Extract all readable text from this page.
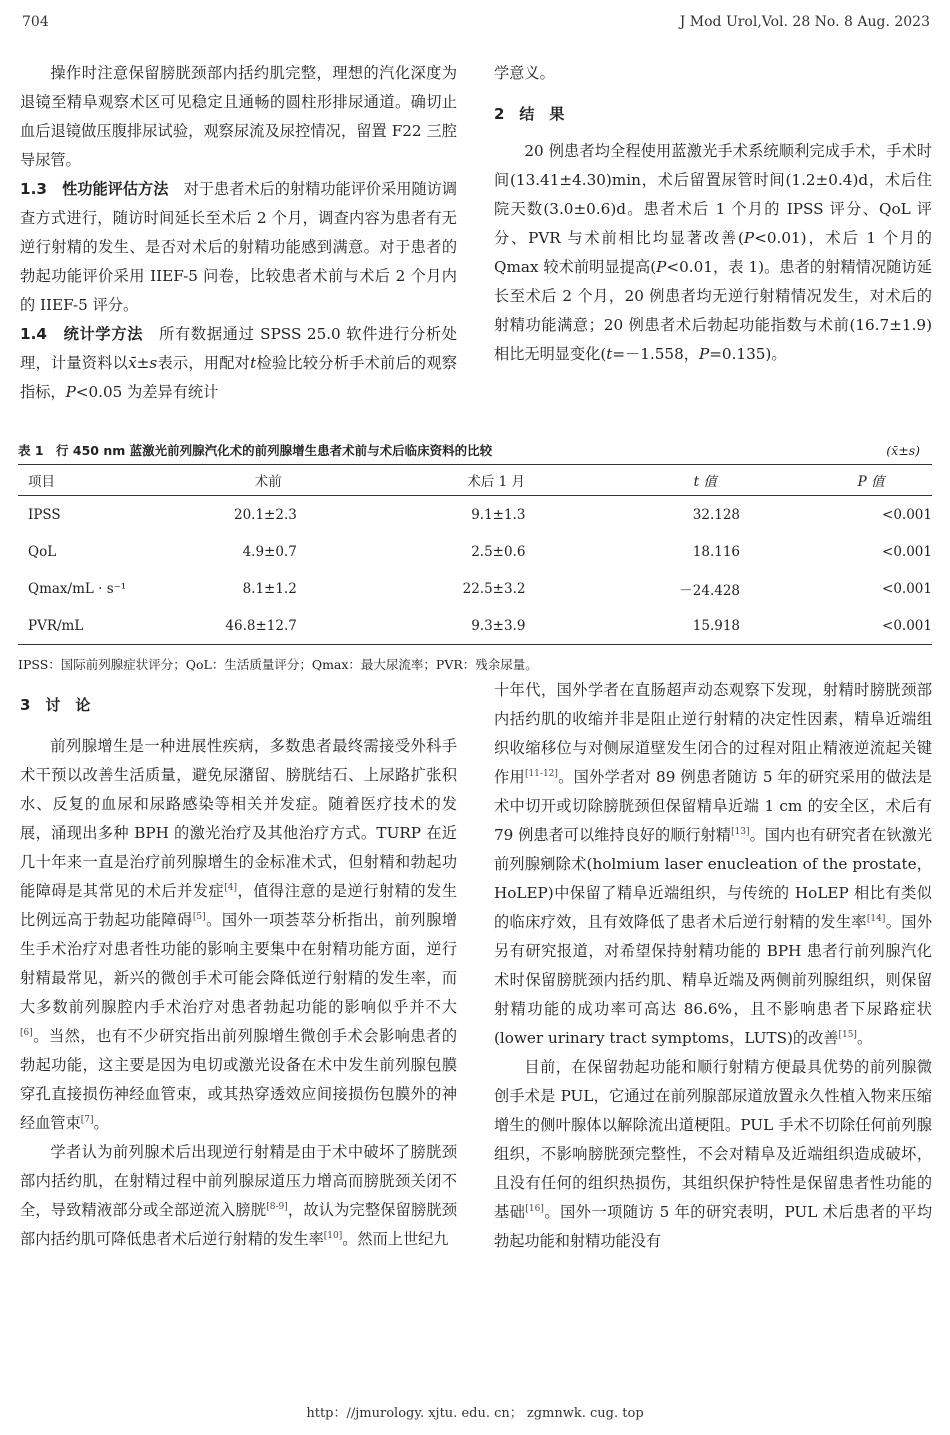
704	J Mod Urol,Vol. 28 No. 8 Aug. 2023

操作时注意保留膀胱颈部内括约肌完整，理想的汽化深度为退镜至精阜观察术区可见稳定且通畅的圆柱形排尿通道。确切止血后退镜做压腹排尿试验，观察尿流及尿控情况，留置 F22 三腔导尿管。

1.3　 性功能评估方法　 对于患者术后的射精功能评价采用随访调查方式进行，随访时间延长至术后 2 个月，调查内容为患者有无逆行射精的发生、是否对术后的射精功能感到满意。对于患者的勃起功能评价采用 IIEF-5 问卷，比较患者术前与术后 2 个月内的 IIEF-5 评分。

1.4　 统计学方法　 所有数据通过 SPSS 25.0 软件进行分析处理，计量资料以x̄±s表示，用配对t检验比较分析手术前后的观察指标，P<0.05 为差异有统计

学意义。

2　结　果

20 例患者均全程使用蓝激光手术系统顺利完成手术，手术时间(13.41±4.30)min，术后留置尿管时间(1.2±0.4)d，术后住院天数(3.0±0.6)d。患者术后 1 个月的 IPSS 评分、QoL 评分、PVR 与术前相比均显著改善(P<0.01)，术后 1 个月的 Qmax 较术前明显提高(P<0.01，表 1)。患者的射精情况随访延长至术后 2 个月，20 例患者均无逆行射精情况发生，对术后的射精功能满意；20 例患者术后勃起功能指数与术前(16.7±1.9)相比无明显变化(t=－1.558，P=0.135)。

表 1　行 450 nm 蓝激光前列腺汽化术的前列腺增生患者术前与术后临床资料的比较	(x̄±s)
项目	术前	术后 1 月	t 值	P 值
IPSS	20.1±2.3	9.1±1.3	32.128	<0.001
QoL	4.9±0.7	2.5±0.6	18.116	<0.001
Qmax/mL · s⁻¹	8.1±1.2	22.5±3.2	－24.428	<0.001
PVR/mL	46.8±12.7	9.3±3.9	15.918	<0.001
IPSS：国际前列腺症状评分；QoL：生活质量评分；Qmax：最大尿流率；PVR：残余尿量。

3　讨　论

前列腺增生是一种进展性疾病，多数患者最终需接受外科手术干预以改善生活质量，避免尿潴留、膀胱结石、上尿路扩张积水、反复的血尿和尿路感染等相关并发症。随着医疗技术的发展，涌现出多种 BPH 的激光治疗及其他治疗方式。TURP 在近几十年来一直是治疗前列腺增生的金标准术式，但射精和勃起功能障碍是其常见的术后并发症[4]，值得注意的是逆行射精的发生比例远高于勃起功能障碍[5]。国外一项荟萃分析指出，前列腺增生手术治疗对患者性功能的影响主要集中在射精功能方面，逆行射精最常见，新兴的微创手术可能会降低逆行射精的发生率，而大多数前列腺腔内手术治疗对患者勃起功能的影响似乎并不大[6]。当然，也有不少研究指出前列腺增生微创手术会影响患者的勃起功能，这主要是因为电切或激光设备在术中发生前列腺包膜穿孔直接损伤神经血管束，或其热穿透效应间接损伤包膜外的神经血管束[7]。

学者认为前列腺术后出现逆行射精是由于术中破坏了膀胱颈部内括约肌，在射精过程中前列腺尿道压力增高而膀胱颈关闭不全，导致精液部分或全部逆流入膀胱[8-9]，故认为完整保留膀胱颈部内括约肌可降低患者术后逆行射精的发生率[10]。然而上世纪九

十年代，国外学者在直肠超声动态观察下发现，射精时膀胱颈部内括约肌的收缩并非是阻止逆行射精的决定性因素，精阜近端组织收缩移位与对侧尿道壁发生闭合的过程对阻止精液逆流起关键作用[11-12]。国外学者对 89 例患者随访 5 年的研究采用的做法是术中切开或切除膀胱颈但保留精阜近端 1 cm 的安全区，术后有 79 例患者可以维持良好的顺行射精[13]。国内也有研究者在钬激光前列腺剜除术(holmium laser enucleation of the prostate，HoLEP)中保留了精阜近端组织，与传统的 HoLEP 相比有类似的临床疗效，且有效降低了患者术后逆行射精的发生率[14]。国外另有研究报道，对希望保持射精功能的 BPH 患者行前列腺汽化术时保留膀胱颈内括约肌、精阜近端及两侧前列腺组织，则保留射精功能的成功率可高达 86.6%，且不影响患者下尿路症状(lower urinary tract symptoms，LUTS)的改善[15]。

目前，在保留勃起功能和顺行射精方便最具优势的前列腺微创手术是 PUL，它通过在前列腺部尿道放置永久性植入物来压缩增生的侧叶腺体以解除流出道梗阻。PUL 手术不切除任何前列腺组织，不影响膀胱颈完整性，不会对精阜及近端组织造成破坏，且没有任何的组织热损伤，其组织保护特性是保留患者性功能的基础[16]。国外一项随访 5 年的研究表明，PUL 术后患者的平均勃起功能和射精功能没有

http：//jmurology. xjtu. edu. cn； zgmnwk. cug. top
